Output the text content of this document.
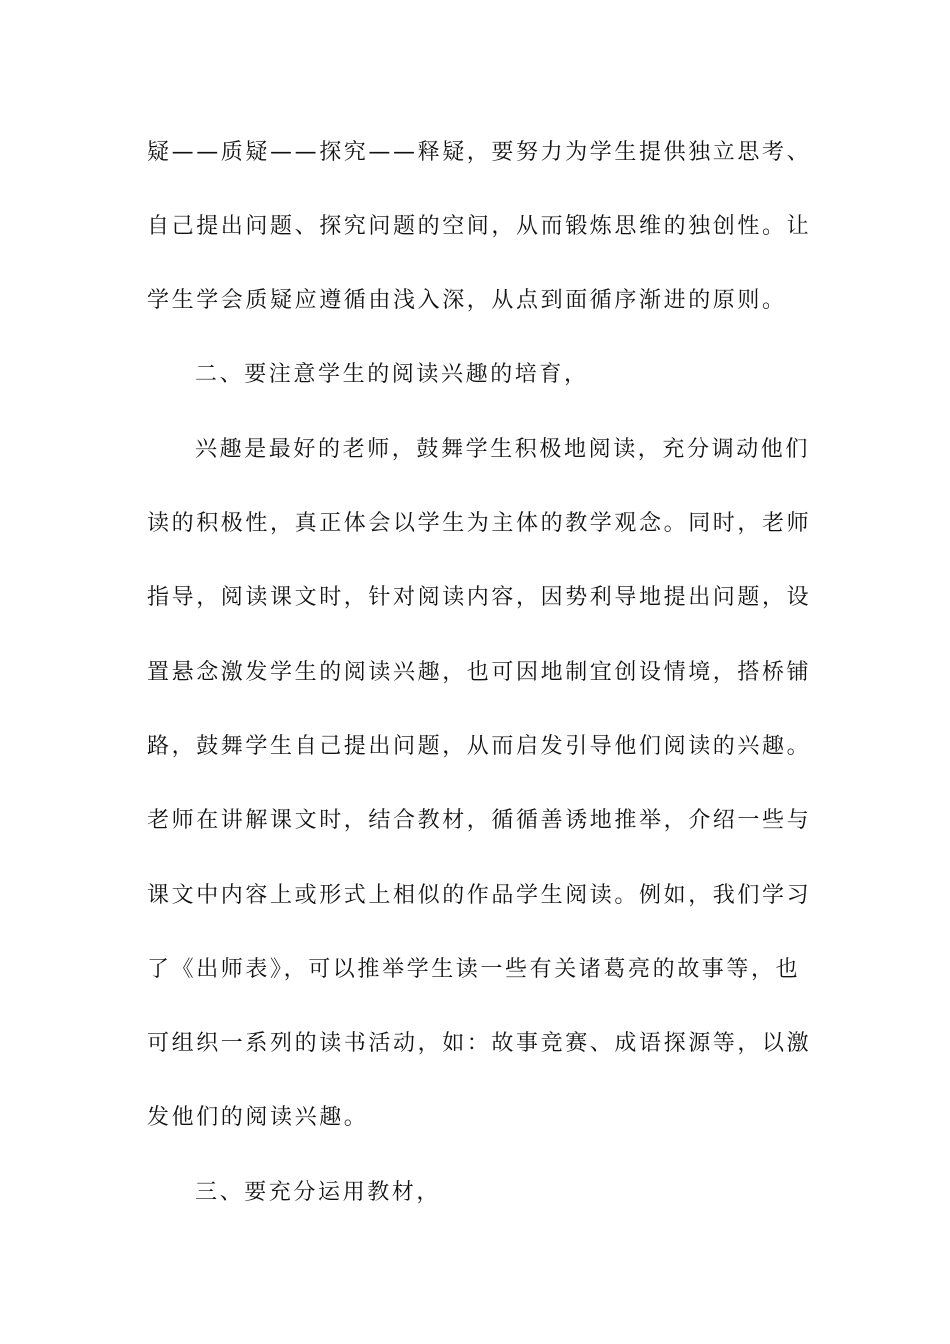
疑——质疑——探究——释疑，要努力为学生提供独立思考、
自己提出问题、探究问题的空间，从而锻炼思维的独创性。让
学生学会质疑应遵循由浅入深，从点到面循序渐进的原则。
二、要注意学生的阅读兴趣的培育，
兴趣是最好的老师，鼓舞学生积极地阅读，充分调动他们
读的积极性，真正体会以学生为主体的教学观念。同时，老师
指导，阅读课文时，针对阅读内容，因势利导地提出问题，设
置悬念激发学生的阅读兴趣，也可因地制宜创设情境，搭桥铺
路，鼓舞学生自己提出问题，从而启发引导他们阅读的兴趣。
老师在讲解课文时，结合教材，循循善诱地推举，介绍一些与
课文中内容上或形式上相似的作品学生阅读。例如，我们学习
了《出师表》，可以推举学生读一些有关诸葛亮的故事等，也
可组织一系列的读书活动，如：故事竞赛、成语探源等，以激
发他们的阅读兴趣。
三、要充分运用教材，
